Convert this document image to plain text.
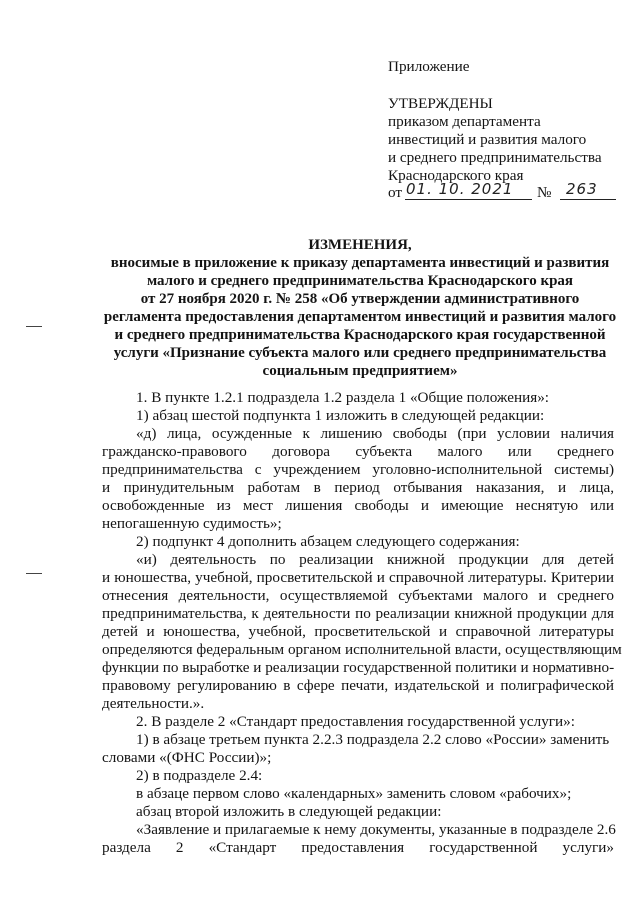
Приложение
УТВЕРЖДЕНЫ
приказом департамента
инвестиций и развития малого
и среднего предпринимательства
Краснодарского края
от 01. 10. 2021 № 263
ИЗМЕНЕНИЯ,
вносимые в приложение к приказу департамента инвестиций и развития
малого и среднего предпринимательства Краснодарского края
от 27 ноября 2020 г. № 258 «Об утверждении административного
регламента предоставления департаментом инвестиций и развития малого
и среднего предпринимательства Краснодарского края государственной
услуги «Признание субъекта малого или среднего предпринимательства
социальным предприятием»
1. В пункте 1.2.1 подраздела 1.2 раздела 1 «Общие положения»:
1) абзац шестой подпункта 1 изложить в следующей редакции:
«д) лица, осужденные к лишению свободы (при условии наличия
гражданско-правового договора субъекта малого или среднего
предпринимательства с учреждением уголовно-исполнительной системы)
и принудительным работам в период отбывания наказания, и лица,
освобожденные из мест лишения свободы и имеющие неснятую или
непогашенную судимость»;
2) подпункт 4 дополнить абзацем следующего содержания:
«и) деятельность по реализации книжной продукции для детей
и юношества, учебной, просветительской и справочной литературы. Критерии
отнесения деятельности, осуществляемой субъектами малого и среднего
предпринимательства, к деятельности по реализации книжной продукции для
детей и юношества, учебной, просветительской и справочной литературы
определяются федеральным органом исполнительной власти, осуществляющим
функции по выработке и реализации государственной политики и нормативно-
правовому регулированию в сфере печати, издательской и полиграфической
деятельности.».
2. В разделе 2 «Стандарт предоставления государственной услуги»:
1) в абзаце третьем пункта 2.2.3 подраздела 2.2 слово «России» заменить
словами «(ФНС России)»;
2) в подразделе 2.4:
в абзаце первом слово «календарных» заменить словом «рабочих»;
абзац второй изложить в следующей редакции:
«Заявление и прилагаемые к нему документы, указанные в подразделе 2.6
раздела 2 «Стандарт предоставления государственной услуги»
